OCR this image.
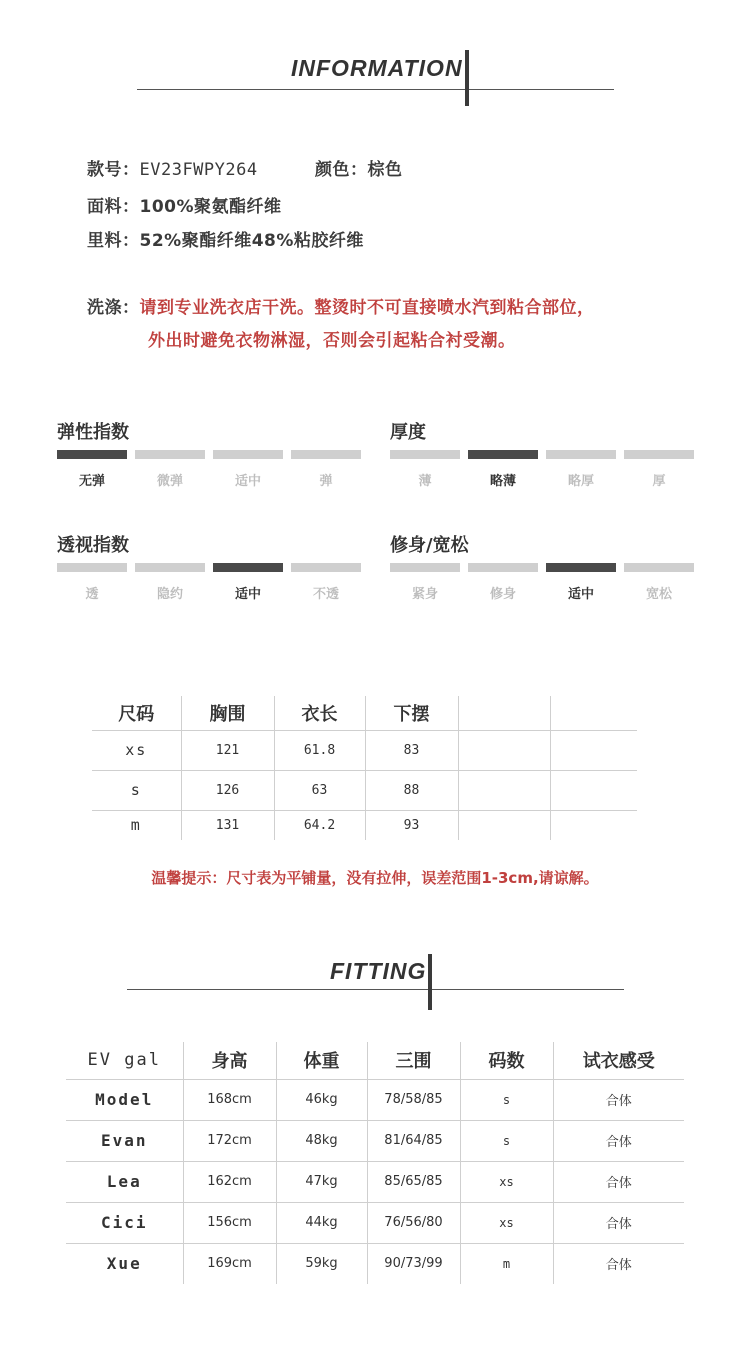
INFORMATION
款号：EV23FWPY264	颜色：棕色
面料：100%聚氨酯纤维
里料：52%聚酯纤维48%粘胶纤维
洗涤：请到专业洗衣店干洗。整烫时不可直接喷水汽到粘合部位，
外出时避免衣物淋湿，否则会引起粘合衬受潮。
弹性指数
无弹	微弹	适中	弹
厚度
薄	略薄	略厚	厚
透视指数
透	隐约	适中	不透
修身/宽松
紧身	修身	适中	宽松
尺码	胸围	衣长	下摆		
xs	121	61.8	83		
s	126	63	88		
m	131	64.2	93		
温馨提示：尺寸表为平铺量，没有拉伸，误差范围1-3cm,请谅解。
FITTING
EV gal	身高	体重	三围	码数	试衣感受
Model	168cm	46kg	78/58/85	s	合体
Evan	172cm	48kg	81/64/85	s	合体
Lea	162cm	47kg	85/65/85	xs	合体
Cici	156cm	44kg	76/56/80	xs	合体
Xue	169cm	59kg	90/73/99	m	合体
